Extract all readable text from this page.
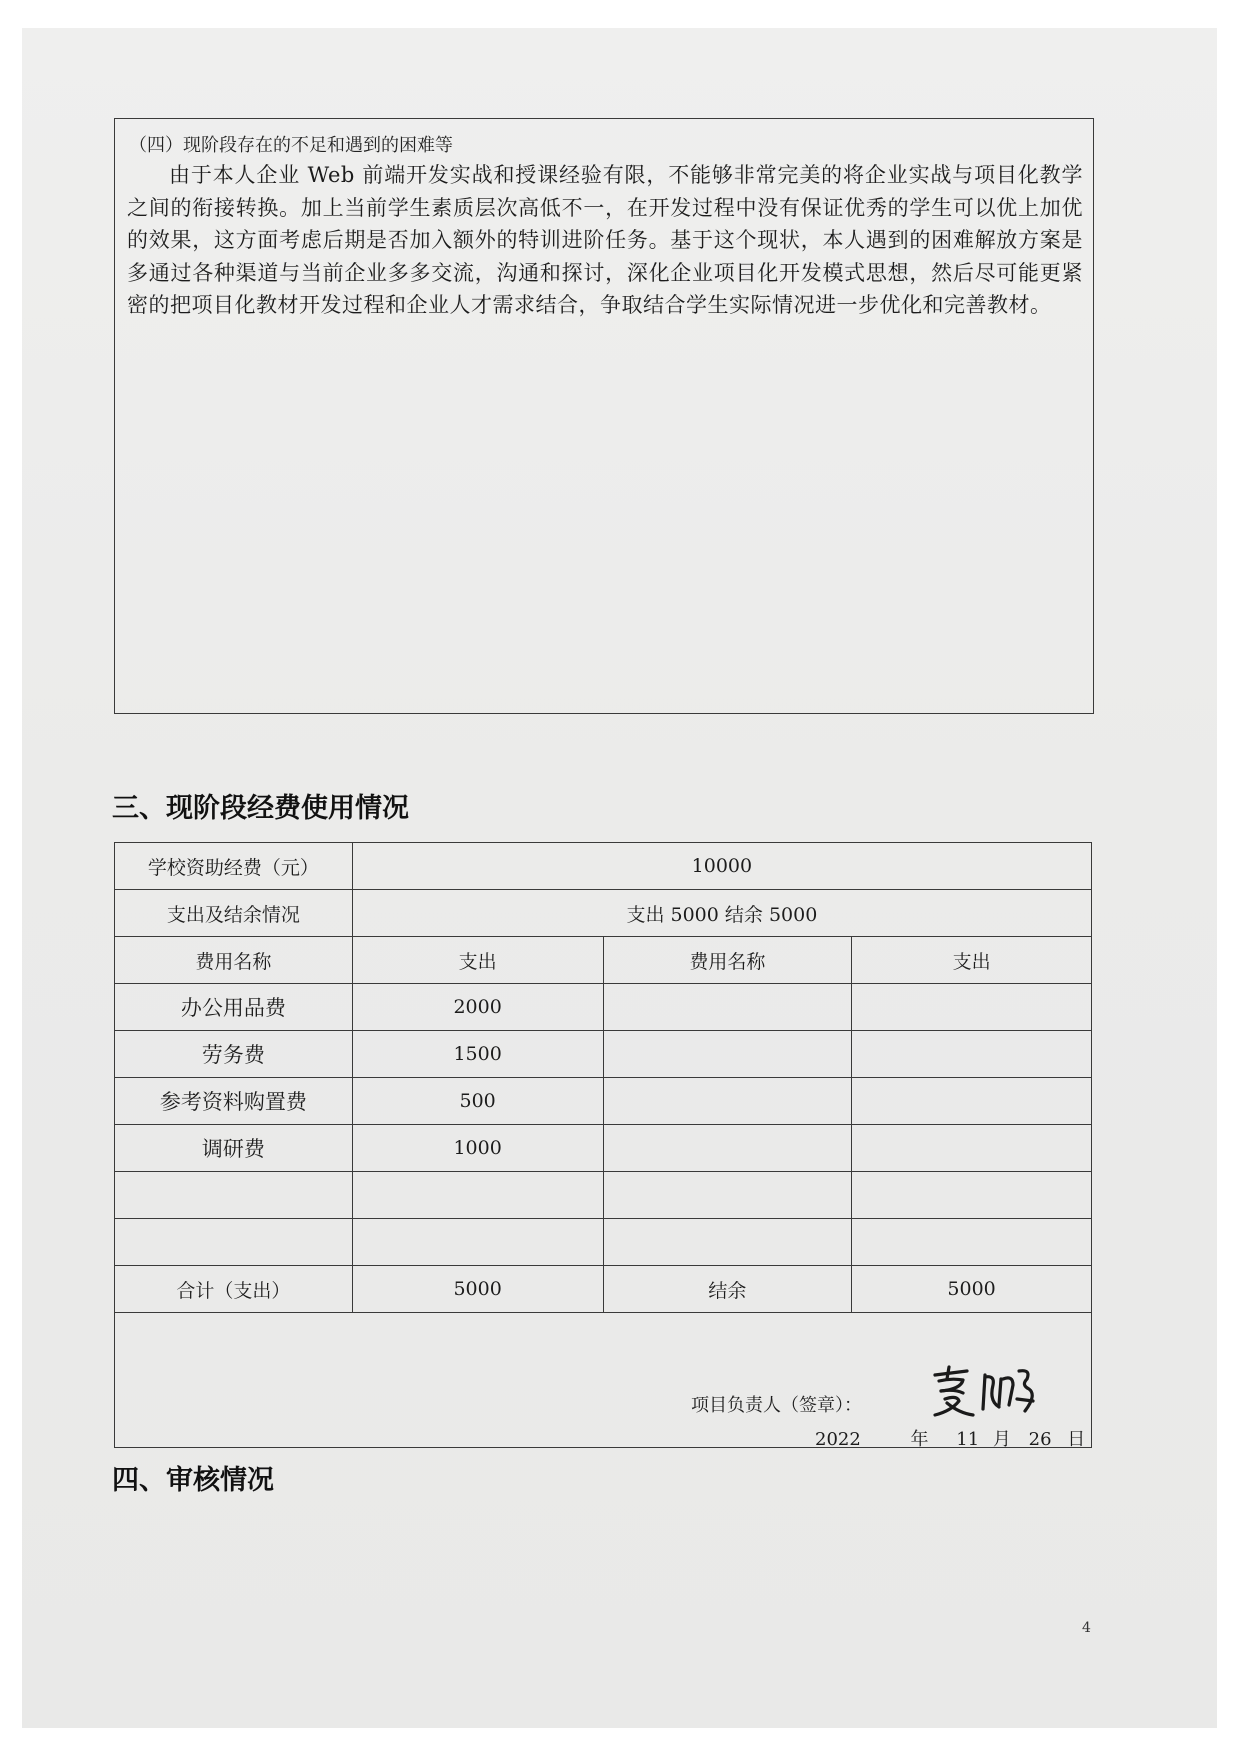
（四）现阶段存在的不足和遇到的困难等

由于本人企业 Web 前端开发实战和授课经验有限，不能够非常完美的将企业实战与项目化教学之间的衔接转换。加上当前学生素质层次高低不一，在开发过程中没有保证优秀的学生可以优上加优的效果，这方面考虑后期是否加入额外的特训进阶任务。基于这个现状，本人遇到的困难解放方案是多通过各种渠道与当前企业多多交流，沟通和探讨，深化企业项目化开发模式思想，然后尽可能更紧密的把项目化教材开发过程和企业人才需求结合，争取结合学生实际情况进一步优化和完善教材。

三、现阶段经费使用情况
学校资助经费（元）	10000		
支出及结余情况	支出 5000 结余 5000		
费用名称	支出	费用名称	支出
办公用品费	2000		
劳务费	1500		
参考资料购置费	500		
调研费	1000		

合计（支出）	5000	结余	5000

项目负责人（签章）：
2022 年 11 月 26 日			
四、审核情况
4
